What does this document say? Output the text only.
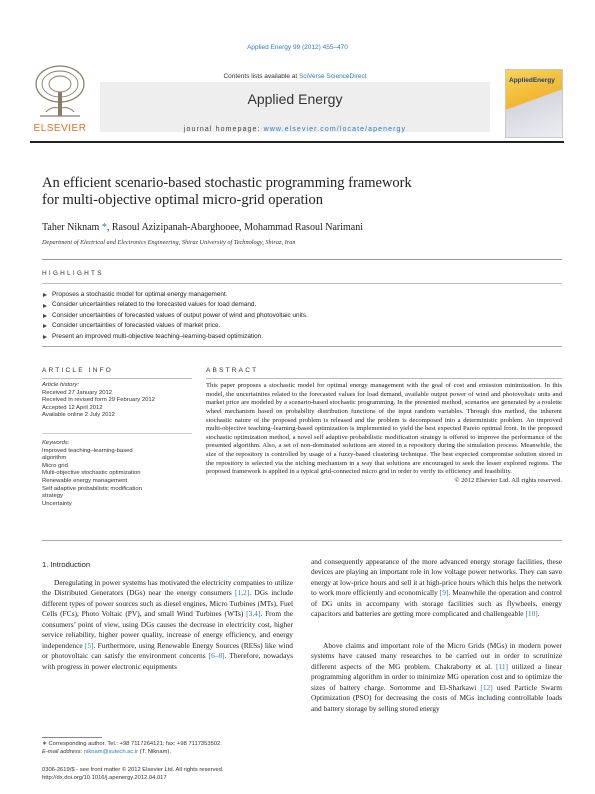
Applied Energy 99 (2012) 455–470
ELSEVIER
Contents lists available at SciVerse ScienceDirect
Applied Energy
journal homepage: www.elsevier.com/locate/apenergy
AppliedEnergy
An efficient scenario-based stochastic programming framework
for multi-objective optimal micro-grid operation
Taher Niknam *, Rasoul Azizipanah-Abarghooee, Mohammad Rasoul Narimani
Department of Electrical and Electronics Engineering, Shiraz University of Technology, Shiraz, Iran
HIGHLIGHTS
Proposes a stochastic model for optimal energy management.
Consider uncertainties related to the forecasted values for load demand.
Consider uncertainties of forecasted values of output power of wind and photovoltaic units.
Consider uncertainties of forecasted values of market price.
Present an improved multi-objective teaching–learning-based optimization.
ARTICLE INFO	ABSTRACT
Article history:
Received 27 January 2012
Received in revised form 29 February 2012
Accepted 12 April 2012
Available online 2 July 2012
Keywords:
Improved teaching–learning-based
algorithm
Micro grid
Multi-objective stochastic optimization
Renewable energy management
Self adaptive probabilistic modification
strategy
Uncertainty
This paper proposes a stochastic model for optimal energy management with the goal of cost and emission minimization. In this model, the uncertainties related to the forecasted values for load demand, available output power of wind and photovoltaic units and market price are modeled by a scenario-based stochastic programming. In the presented method, scenarios are generated by a roulette wheel mechanism based on probability distribution functions of the input random variables. Through this method, the inherent stochastic nature of the proposed problem is released and the problem is decomposed into a deterministic problem. An improved multi-objective teaching–learning-based optimization is implemented to yield the best expected Pareto optimal front. In the proposed stochastic optimization method, a novel self adaptive probabilistic modification strategy is offered to improve the performance of the presented algorithm. Also, a set of non-dominated solutions are stored in a repository during the simulation process. Meanwhile, the size of the repository is controlled by usage of a fuzzy-based clustering technique. The best expected compromise solution stored in the repository is selected via the niching mechanism in a way that solutions are encouraged to seek the lesser explored regions. The proposed framework is applied in a typical grid-connected micro grid in order to verify its efficiency and feasibility.
© 2012 Elsevier Ltd. All rights reserved.
1. Introduction
Deregulating in power systems has motivated the electricity companies to utilize the Distributed Generators (DGs) near the energy consumers [1,2]. DGs include different types of power sources such as diesel engines, Micro Turbines (MTs), Fuel Cells (FCs), Photo Voltaic (PV), and small Wind Turbines (WTs) [3,4]. From the consumers’ point of view, using DGs causes the decrease in electricity cost, higher service reliability, higher power quality, increase of energy efficiency, and energy independence [5]. Furthermore, using Renewable Energy Sources (RESs) like wind or photovoltaic can satisfy the environment concerns [6–8]. Therefore, nowadays with progress in power electronic equipments
and consequently appearance of the more advanced energy storage facilities, these devices are playing an important role in low voltage power networks. They can save energy at low-price hours and sell it at high-price hours which this helps the network to work more efficiently and economically [9]. Meanwhile the operation and control of DG units in accompany with storage facilities such as flywheels, energy capacitors and batteries are getting more complicated and challengeable [10].
Above claims and important role of the Micro Grids (MGs) in modern power systems have caused many researches to be carried out in order to scrutinize different aspects of the MG problem. Chakraborty et al. [11] utilized a linear programming algorithm in order to minimize MG operation cost and to optimize the sizes of battery charge. Sortomme and El-Sharkawi [12] used Particle Swarm Optimization (PSO) for decreasing the costs of MGs including controllable loads and battery storage by selling stored energy
∗ Corresponding author. Tel.: +98 7117264121; fax: +98 7117353502.
E-mail address: niknam@sutech.ac.ir (T. Niknam).
0306-2619/$ - see front matter © 2012 Elsevier Ltd. All rights reserved.
http://dx.doi.org/10.1016/j.apenergy.2012.04.017
